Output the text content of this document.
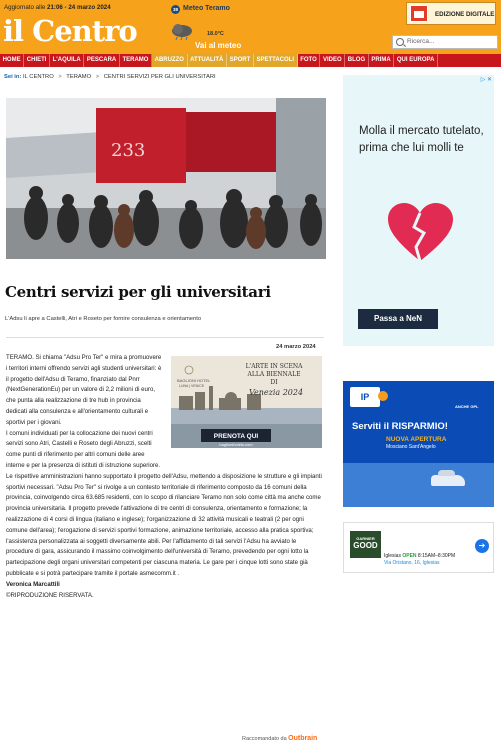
Aggiornato alle 21:06 - 24 marzo 2024
il Centro
38 Meteo Teramo
18.0°C
Vai al meteo
EDIZIONE DIGITALE
Ricerca...
HOME	CHIETI	L'AQUILA	PESCARA	TERAMO	ABRUZZO	ATTUALITÀ	SPORT	SPETTACOLI	FOTO	VIDEO	BLOG	PRIMA	QUI EUROPA
Sei in: IL CENTRO > TERAMO > CENTRI SERVIZI PER GLI UNIVERSITARI
233
Centri servizi per gli universitari
L'Adsu li apre a Castelli, Atri e Roseto per fornire consulenza e orientamento
24 marzo 2024
BAGLIONI HOTEL
LUNA | VENICE
L'ARTE IN SCENA
ALLA BIENNALE
DI
Venezia 2024
PRENOTA QUI
baglionihotels.com

TERAMO. Si chiama "Adsu Pro Ter" e mira a promuovere i territori interni offrendo servizi agli studenti universitari: è il progetto dell'Adsu di Teramo, finanziato dal Pnrr (NextGenerationEu) per un valore di 2,2 milioni di euro, che punta alla realizzazione di tre hub in provincia dedicati alla consulenza e all'orientamento culturali e sportivi per i giovani.

I comuni individuati per la collocazione dei nuovi centri servizi sono Atri, Castelli e Roseto degli Abruzzi, scelti come punti di riferimento per altri comuni delle aree interne e per la presenza di istituti di istruzione superiore.

Le rispettive amministrazioni hanno supportato il progetto dell'Adsu, mettendo a disposizione le strutture e gli impianti sportivi necessari. "Adsu Pro Ter" si rivolge a un contesto territoriale di riferimento composto da 16 comuni della provincia, coinvolgendo circa 63.685 residenti, con lo scopo di rilanciare Teramo non solo come città ma anche come provincia universitaria. Il progetto prevede l'attivazione di tre centri di consulenza, orientamento e formazione; la realizzazione di 4 corsi di lingua (italiano e inglese); l'organizzazione di 32 attività musicali e teatrali (2 per ogni comune dell'area); l'erogazione di servizi sportivi formazione, animazione territoriale, accesso alla pratica sportiva; l'assistenza personalizzata ai soggetti diversamente abili. Per l'affidamento di tali servizi l'Adsu ha avviato le procedure di gara, assicurando il massimo coinvolgimento dell'università di Teramo, prevedendo per ogni lotto la partecipazione degli organi universitari competenti per ciascuna materia. Le gare per i cinque lotti sono state già pubblicate e si potrà partecipare tramite il portale asmecomm.it .

Veronica Marcattili

©RIPRODUZIONE RISERVATA.

Raccomandato da Outbrain
▷ ✕
Molla il mercato tutelato, prima che lui molli te
Passa a NeN
IP
ANCHE GPL
Serviti il RISPARMIO!
NUOVA APERTURA
Mosciano Sant'Angelo
GARNIER
GOOD
Iglesias OPEN 8:15AM–8:30PM
Via Oristano, 16, Iglesias
➔
